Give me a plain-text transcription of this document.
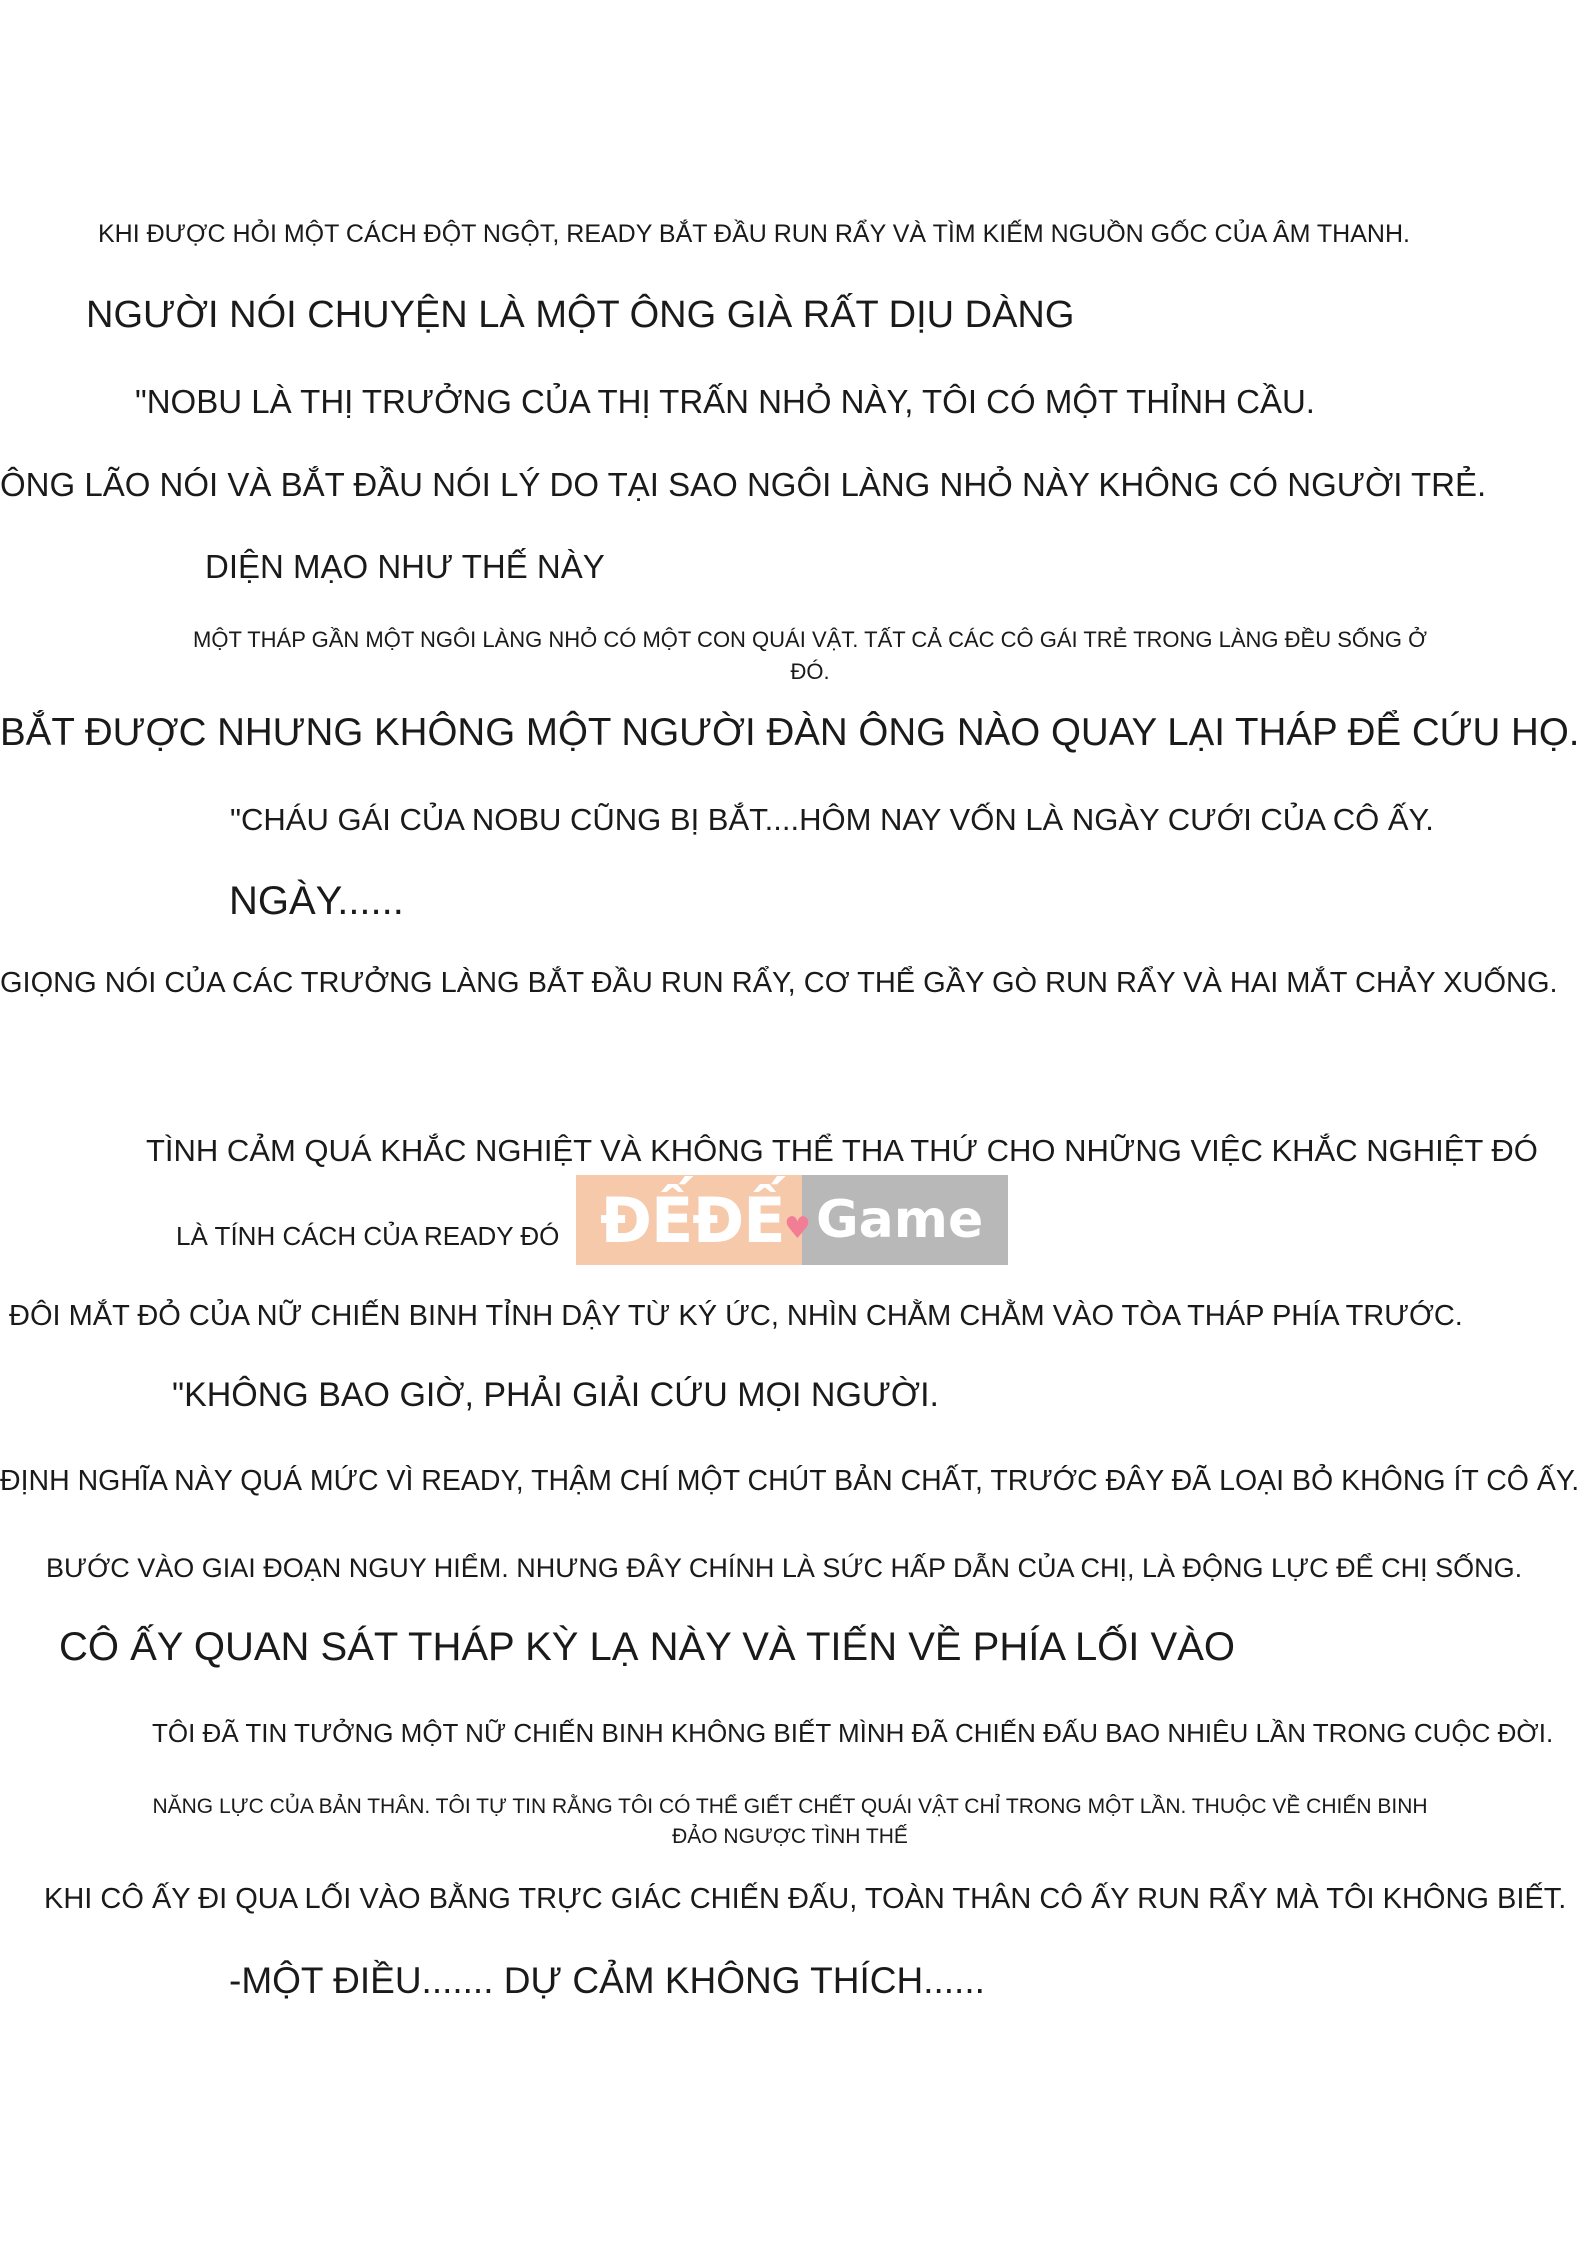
KHI ĐƯỢC HỎI MỘT CÁCH ĐỘT NGỘT, READY BẮT ĐẦU RUN RẨY VÀ TÌM KIẾM NGUỒN GỐC CỦA ÂM THANH.

NGƯỜI NÓI CHUYỆN LÀ MỘT ÔNG GIÀ RẤT DỊU DÀNG

"NOBU LÀ THỊ TRƯỞNG CỦA THỊ TRẤN NHỎ NÀY, TÔI CÓ MỘT THỈNH CẦU.

ÔNG LÃO NÓI VÀ BẮT ĐẦU NÓI LÝ DO TẠI SAO NGÔI LÀNG NHỎ NÀY KHÔNG CÓ NGƯỜI TRẺ.

DIỆN MẠO NHƯ THẾ NÀY

MỘT THÁP GẦN MỘT NGÔI LÀNG NHỎ CÓ MỘT CON QUÁI VẬT. TẤT CẢ CÁC CÔ GÁI TRẺ TRONG LÀNG ĐỀU SỐNG Ở ĐÓ.

BẮT ĐƯỢC NHƯNG KHÔNG MỘT NGƯỜI ĐÀN ÔNG NÀO QUAY LẠI THÁP ĐỂ CỨU HỌ.

"CHÁU GÁI CỦA NOBU CŨNG BỊ BẮT....HÔM NAY VỐN LÀ NGÀY CƯỚI CỦA CÔ ẤY.

NGÀY......

GIỌNG NÓI CỦA CÁC TRƯỞNG LÀNG BẮT ĐẦU RUN RẨY, CƠ THỂ GẦY GÒ RUN RẨY VÀ HAI MẮT CHẢY XUỐNG.

TÌNH CẢM QUÁ KHẮC NGHIỆT VÀ KHÔNG THỂ THA THỨ CHO NHỮNG VIỆC KHẮC NGHIỆT ĐÓ

LÀ TÍNH CÁCH CỦA READY ĐÓ ĐẾĐẾ ♥ Game

ĐÔI MẮT ĐỎ CỦA NỮ CHIẾN BINH TỈNH DẬY TỪ KÝ ỨC, NHÌN CHẰM CHẰM VÀO TÒA THÁP PHÍA TRƯỚC.

"KHÔNG BAO GIỜ, PHẢI GIẢI CỨU MỌI NGƯỜI.

ĐỊNH NGHĨA NÀY QUÁ MỨC VÌ READY, THẬM CHÍ MỘT CHÚT BẢN CHẤT, TRƯỚC ĐÂY ĐÃ LOẠI BỎ KHÔNG ÍT CÔ ẤY.

BƯỚC VÀO GIAI ĐOẠN NGUY HIỂM. NHƯNG ĐÂY CHÍNH LÀ SỨC HẤP DẪN CỦA CHỊ, LÀ ĐỘNG LỰC ĐỂ CHỊ SỐNG.

CÔ ẤY QUAN SÁT THÁP KỲ LẠ NÀY VÀ TIẾN VỀ PHÍA LỐI VÀO

TÔI ĐÃ TIN TƯỞNG MỘT NỮ CHIẾN BINH KHÔNG BIẾT MÌNH ĐÃ CHIẾN ĐẤU BAO NHIÊU LẦN TRONG CUỘC ĐỜI.

NĂNG LỰC CỦA BẢN THÂN. TÔI TỰ TIN RẰNG TÔI CÓ THỂ GIẾT CHẾT QUÁI VẬT CHỈ TRONG MỘT LẦN. THUỘC VỀ CHIẾN BINH ĐẢO NGƯỢC TÌNH THẾ

KHI CÔ ẤY ĐI QUA LỐI VÀO BẰNG TRỰC GIÁC CHIẾN ĐẤU, TOÀN THÂN CÔ ẤY RUN RẨY MÀ TÔI KHÔNG BIẾT.

-MỘT ĐIỀU....... DỰ CẢM KHÔNG THÍCH......
